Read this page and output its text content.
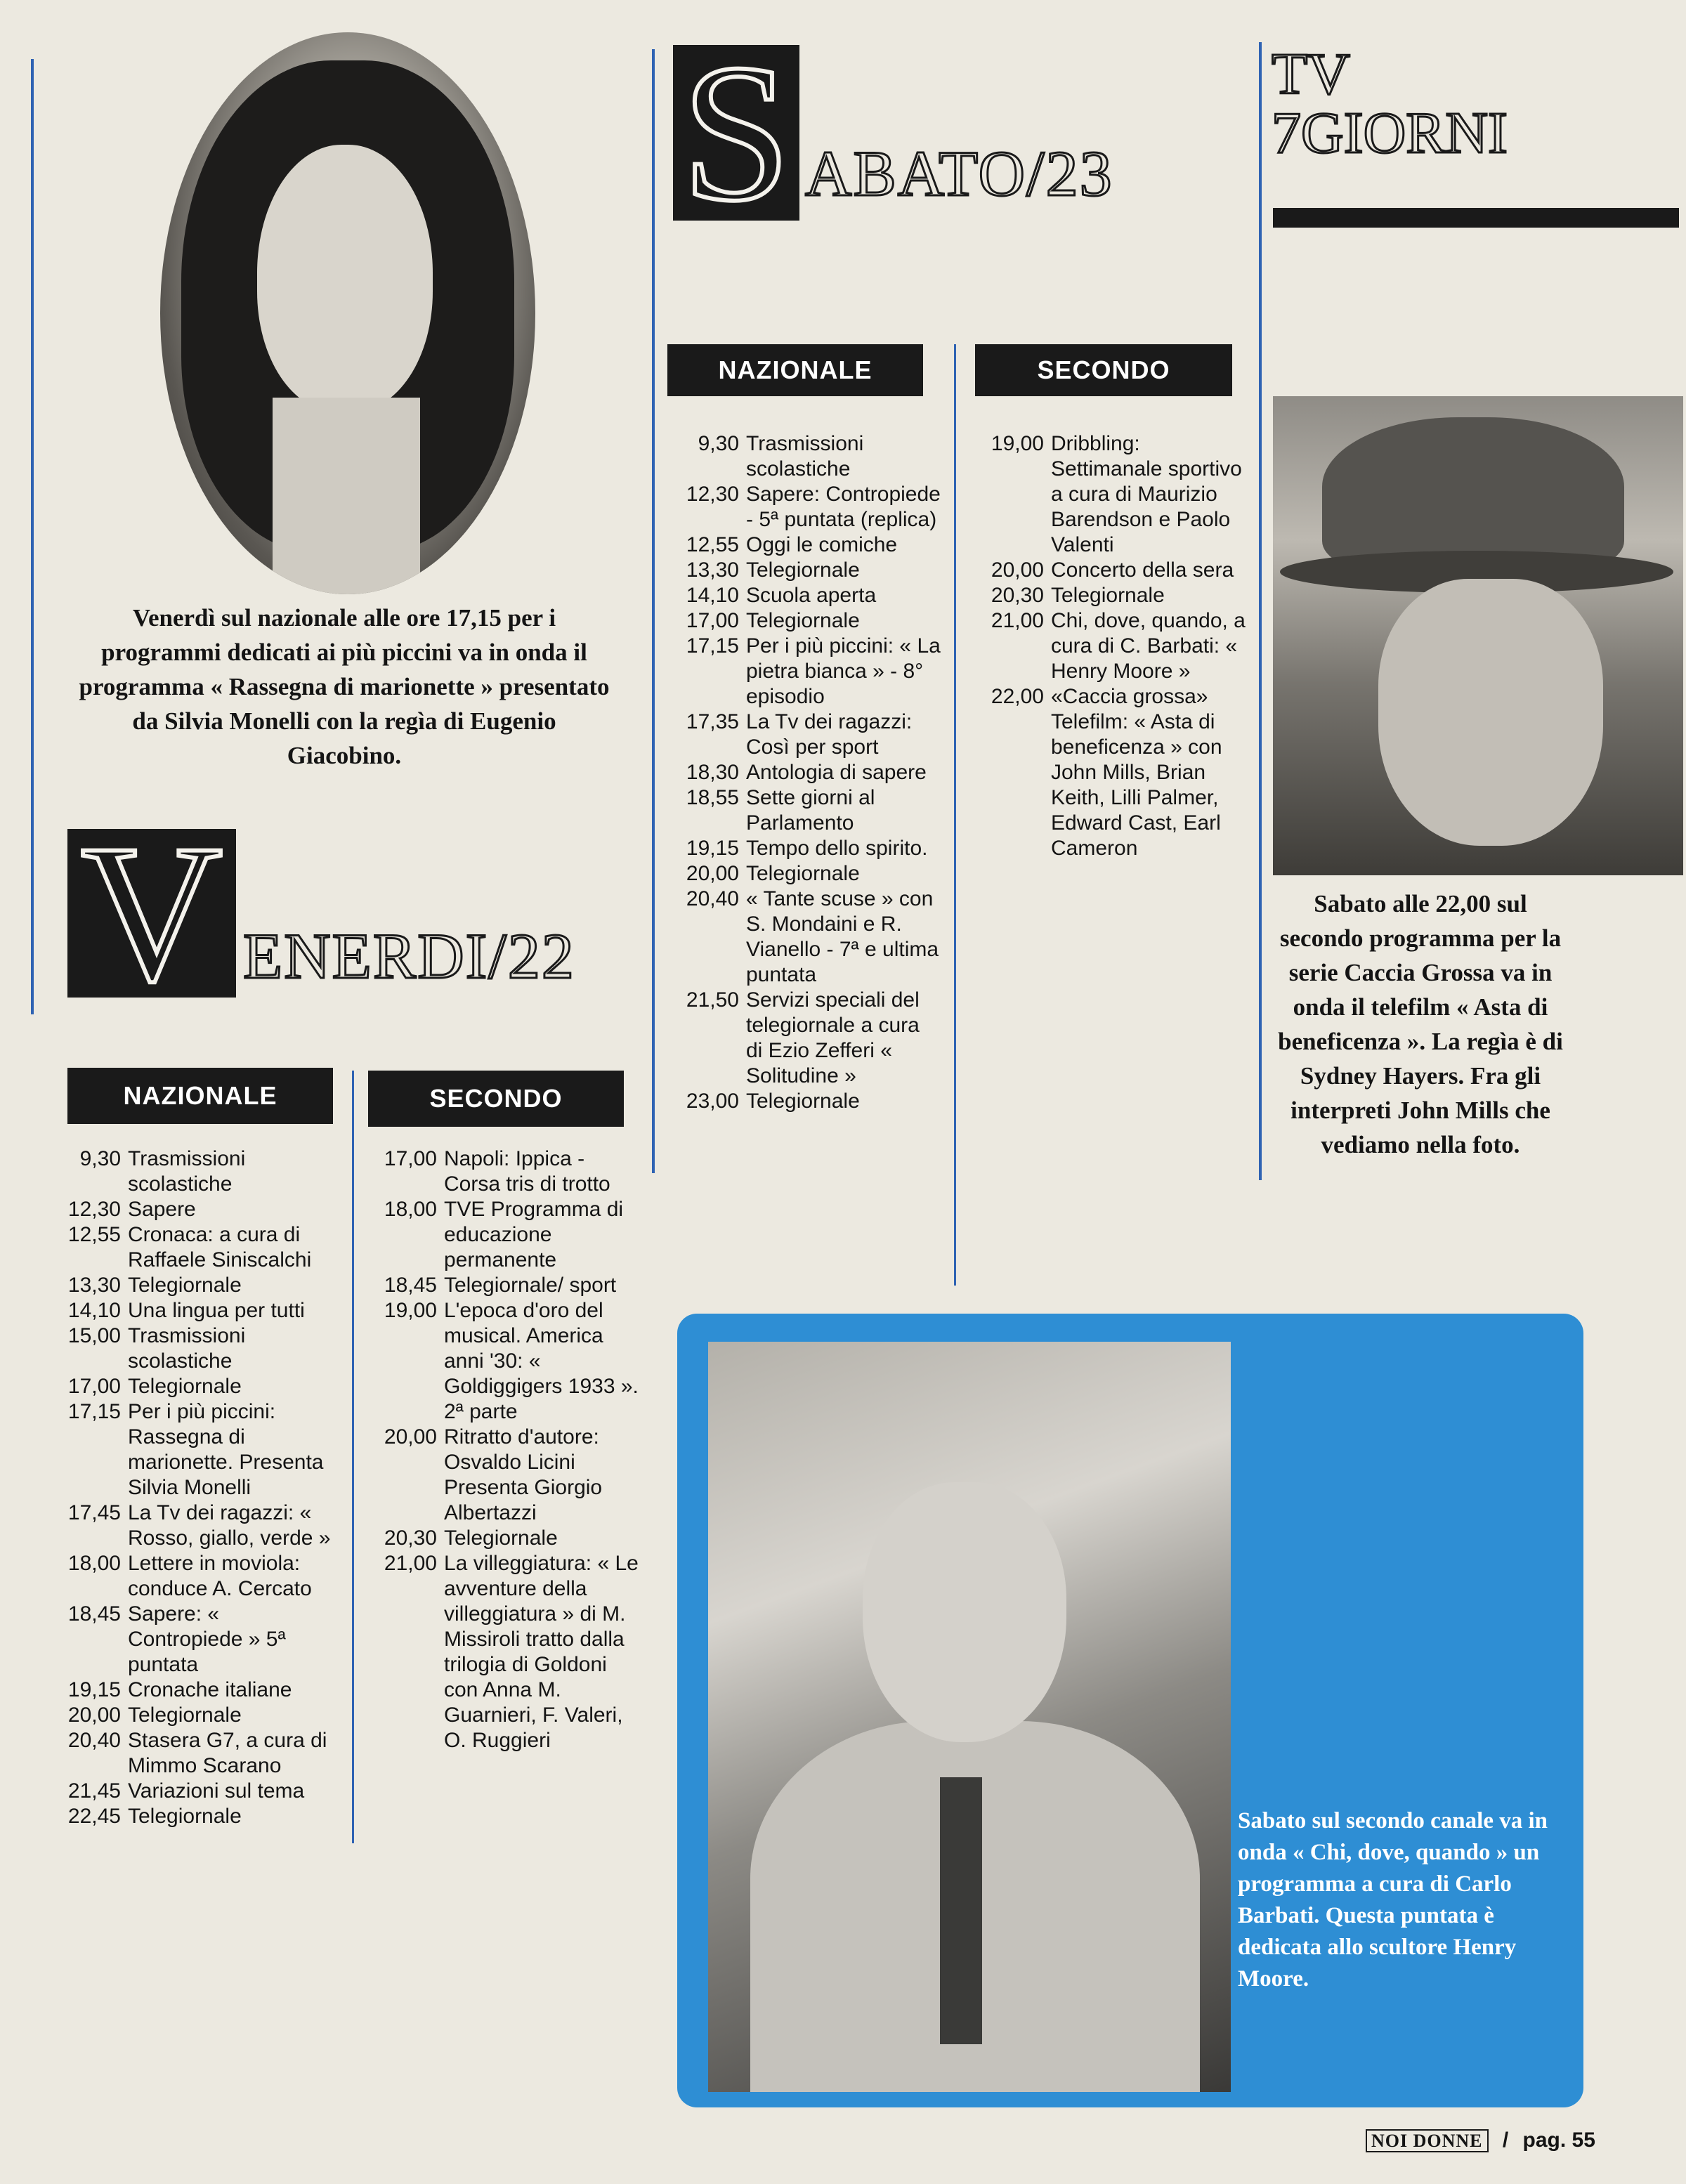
Venerdì sul nazionale alle ore 17,15 per i programmi dedicati ai più piccini va in onda il programma « Rassegna di marionette » presentato da Silvia Monelli con la regìa di Eugenio Giacobino.
V ENERDI/22
NAZIONALE	SECONDO
9,30 Trasmissioni scolastiche
12,30 Sapere
12,55 Cronaca: a cura di Raffaele Siniscalchi
13,30 Telegiornale
14,10 Una lingua per tutti
15,00 Trasmissioni scolastiche
17,00 Telegiornale
17,15 Per i più piccini: Rassegna di marionette. Presenta Silvia Monelli
17,45 La Tv dei ragazzi: « Rosso, giallo, verde »
18,00 Lettere in moviola: conduce A. Cercato
18,45 Sapere: « Contropiede » 5ª puntata
19,15 Cronache italiane
20,00 Telegiornale
20,40 Stasera G7, a cura di Mimmo Scarano
21,45 Variazioni sul tema
22,45 Telegiornale
17,00 Napoli: Ippica - Corsa tris di trotto
18,00 TVE Programma di educazione permanente
18,45 Telegiornale/ sport
19,00 L'epoca d'oro del musical. America anni '30: « Goldiggigers 1933 ». 2ª parte
20,00 Ritratto d'autore: Osvaldo Licini Presenta Giorgio Albertazzi
20,30 Telegiornale
21,00 La villeggiatura: « Le avventure della villeggiatura » di M. Missiroli tratto dalla trilogia di Goldoni con Anna M. Guarnieri, F. Valeri, O. Ruggieri
S ABATO/23
TV
7GIORNI
NAZIONALE	SECONDO
9,30 Trasmissioni scolastiche
12,30 Sapere: Contropiede - 5ª puntata (replica)
12,55 Oggi le comiche
13,30 Telegiornale
14,10 Scuola aperta
17,00 Telegiornale
17,15 Per i più piccini: « La pietra bianca » - 8° episodio
17,35 La Tv dei ragazzi: Così per sport
18,30 Antologia di sapere
18,55 Sette giorni al Parlamento
19,15 Tempo dello spirito.
20,00 Telegiornale
20,40 « Tante scuse » con S. Mondaini e R. Vianello - 7ª e ultima puntata
21,50 Servizi speciali del telegiornale a cura di Ezio Zefferi « Solitudine »
23,00 Telegiornale
19,00 Dribbling: Settimanale sportivo a cura di Maurizio Barendson e Paolo Valenti
20,00 Concerto della sera
20,30 Telegiornale
21,00 Chi, dove, quando, a cura di C. Barbati: « Henry Moore »
22,00 «Caccia grossa» Telefilm: « Asta di beneficenza » con John Mills, Brian Keith, Lilli Palmer, Edward Cast, Earl Cameron
Sabato alle 22,00 sul secondo programma per la serie Caccia Grossa va in onda il telefilm « Asta di beneficenza ». La regìa è di Sydney Hayers. Fra gli interpreti John Mills che vediamo nella foto.
Sabato sul secondo canale va in onda « Chi, dove, quando » un programma a cura di Carlo Barbati. Questa puntata è dedicata allo scultore Henry Moore.
NOI DONNE / pag. 55
